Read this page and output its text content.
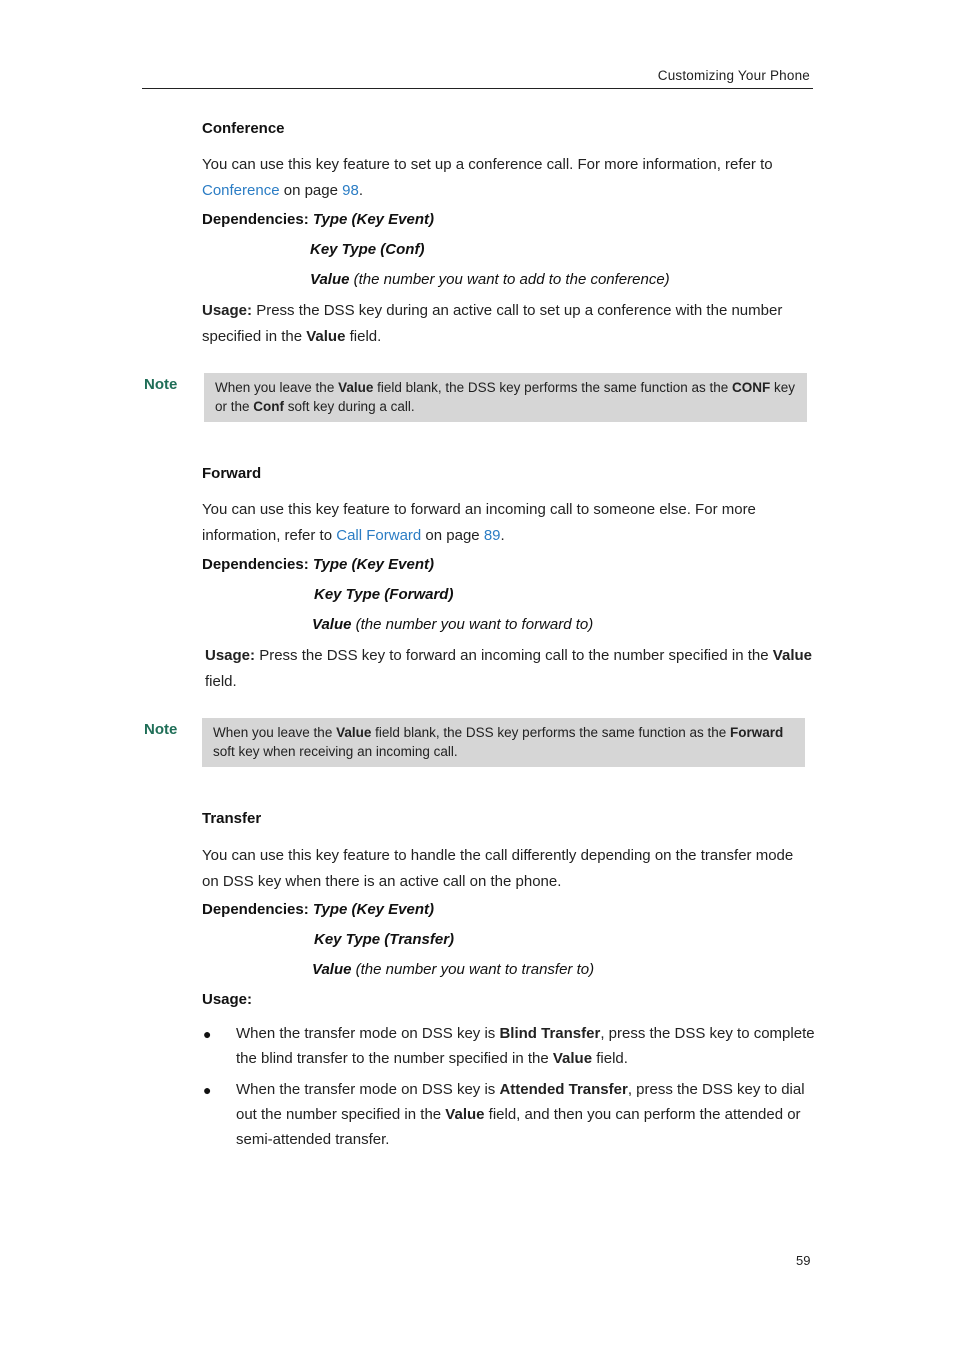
Customizing Your Phone
Conference
You can use this key feature to set up a conference call. For more information, refer to Conference on page 98.
Dependencies: Type (Key Event)
Key Type (Conf)
Value (the number you want to add to the conference)
Usage: Press the DSS key during an active call to set up a conference with the number specified in the Value field.
Note	When you leave the Value field blank, the DSS key performs the same function as the CONF key or the Conf soft key during a call.
Forward
You can use this key feature to forward an incoming call to someone else. For more information, refer to Call Forward on page 89.
Dependencies: Type (Key Event)
Key Type (Forward)
Value (the number you want to forward to)
Usage: Press the DSS key to forward an incoming call to the number specified in the Value field.
Note	When you leave the Value field blank, the DSS key performs the same function as the Forward soft key when receiving an incoming call.
Transfer
You can use this key feature to handle the call differently depending on the transfer mode on DSS key when there is an active call on the phone.
Dependencies: Type (Key Event)
Key Type (Transfer)
Value (the number you want to transfer to)
Usage:
● When the transfer mode on DSS key is Blind Transfer, press the DSS key to complete the blind transfer to the number specified in the Value field.
● When the transfer mode on DSS key is Attended Transfer, press the DSS key to dial out the number specified in the Value field, and then you can perform the attended or semi-attended transfer.
59
